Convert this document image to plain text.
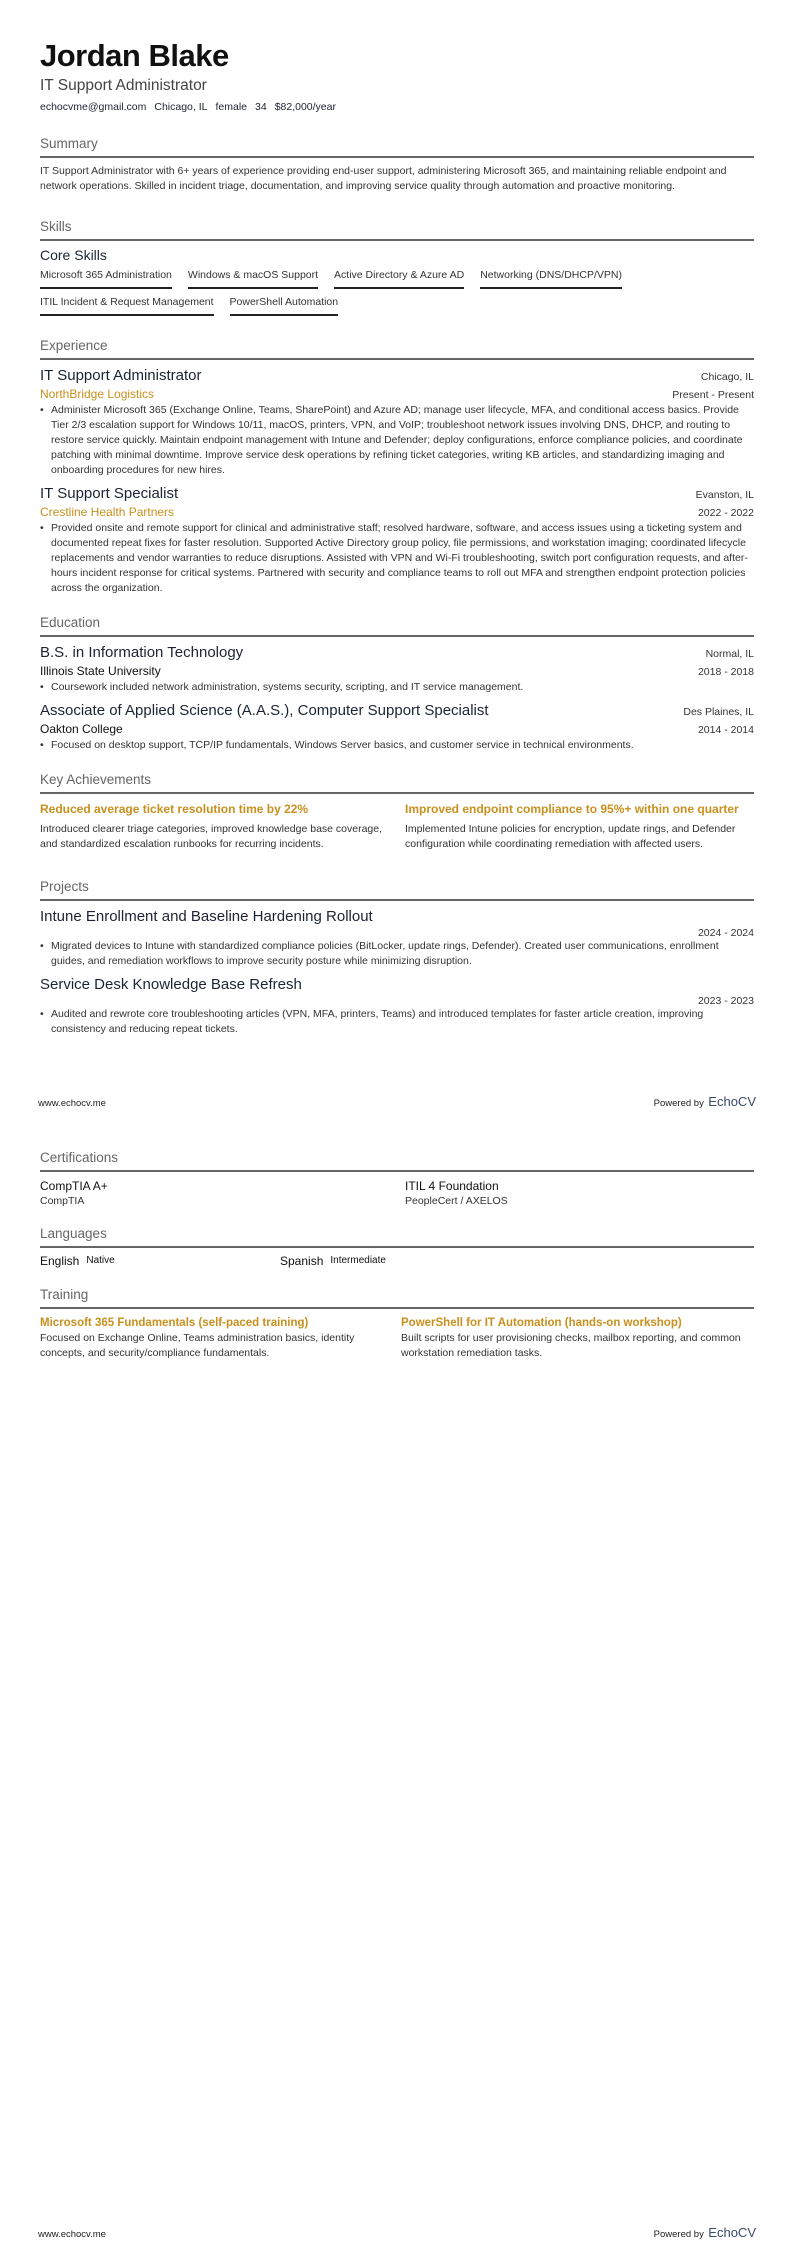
Jordan Blake
IT Support Administrator
echocvme@gmail.com Chicago, IL female 34 $82,000/year
Summary
IT Support Administrator with 6+ years of experience providing end-user support, administering Microsoft 365, and maintaining reliable endpoint and network operations. Skilled in incident triage, documentation, and improving service quality through automation and proactive monitoring.
Skills
Core Skills
Microsoft 365 Administration Windows & macOS Support Active Directory & Azure AD Networking (DNS/DHCP/VPN)
ITIL Incident & Request Management PowerShell Automation
Experience
IT Support Administrator	Chicago, IL
NorthBridge Logistics	Present - Present
• Administer Microsoft 365 (Exchange Online, Teams, SharePoint) and Azure AD; manage user lifecycle, MFA, and conditional access basics. Provide Tier 2/3 escalation support for Windows 10/11, macOS, printers, VPN, and VoIP; troubleshoot network issues involving DNS, DHCP, and routing to restore service quickly. Maintain endpoint management with Intune and Defender; deploy configurations, enforce compliance policies, and coordinate patching with minimal downtime. Improve service desk operations by refining ticket categories, writing KB articles, and standardizing imaging and onboarding procedures for new hires.
IT Support Specialist	Evanston, IL
Crestline Health Partners	2022 - 2022
• Provided onsite and remote support for clinical and administrative staff; resolved hardware, software, and access issues using a ticketing system and documented repeat fixes for faster resolution. Supported Active Directory group policy, file permissions, and workstation imaging; coordinated lifecycle replacements and vendor warranties to reduce disruptions. Assisted with VPN and Wi-Fi troubleshooting, switch port configuration requests, and after-hours incident response for critical systems. Partnered with security and compliance teams to roll out MFA and strengthen endpoint protection policies across the organization.
Education
B.S. in Information Technology	Normal, IL
Illinois State University	2018 - 2018
• Coursework included network administration, systems security, scripting, and IT service management.
Associate of Applied Science (A.A.S.), Computer Support Specialist	Des Plaines, IL
Oakton College	2014 - 2014
• Focused on desktop support, TCP/IP fundamentals, Windows Server basics, and customer service in technical environments.
Key Achievements
Reduced average ticket resolution time by 22%
Introduced clearer triage categories, improved knowledge base coverage, and standardized escalation runbooks for recurring incidents.
Improved endpoint compliance to 95%+ within one quarter
Implemented Intune policies for encryption, update rings, and Defender configuration while coordinating remediation with affected users.
Projects
Intune Enrollment and Baseline Hardening Rollout
2024 - 2024
• Migrated devices to Intune with standardized compliance policies (BitLocker, update rings, Defender). Created user communications, enrollment guides, and remediation workflows to improve security posture while minimizing disruption.
Service Desk Knowledge Base Refresh
2023 - 2023
• Audited and rewrote core troubleshooting articles (VPN, MFA, printers, Teams) and introduced templates for faster article creation, improving consistency and reducing repeat tickets.
www.echocv.me	Powered by EchoCV
Certifications
CompTIA A+
CompTIA
ITIL 4 Foundation
PeopleCert / AXELOS
Languages
English Native	Spanish Intermediate
Training
Microsoft 365 Fundamentals (self-paced training)
Focused on Exchange Online, Teams administration basics, identity concepts, and security/compliance fundamentals.
PowerShell for IT Automation (hands-on workshop)
Built scripts for user provisioning checks, mailbox reporting, and common workstation remediation tasks.
www.echocv.me	Powered by EchoCV
